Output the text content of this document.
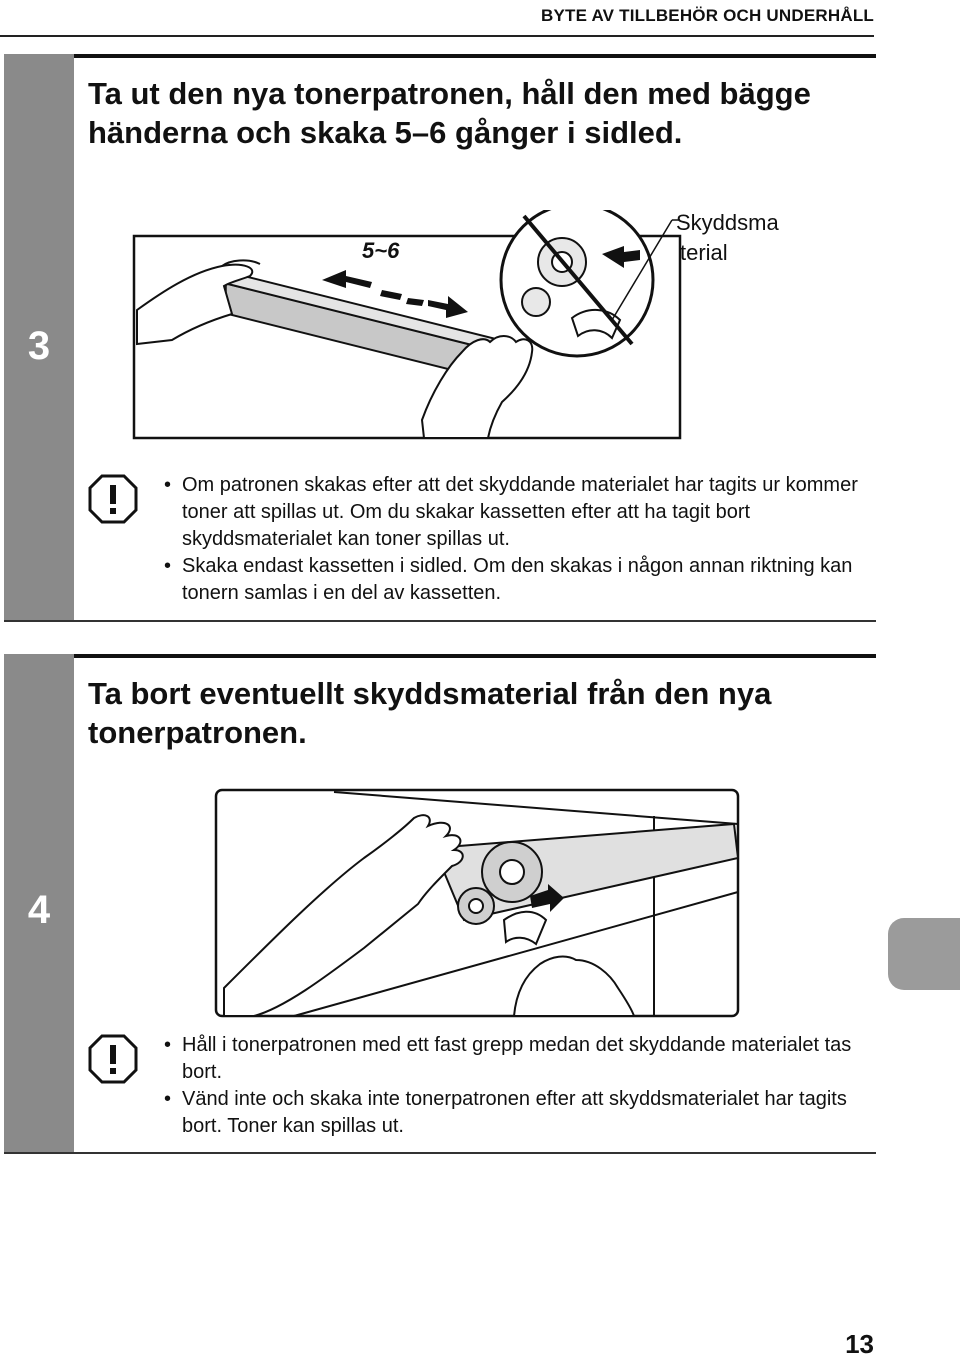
BYTE AV TILLBEHÖR OCH UNDERHÅLL
3
Ta ut den nya tonerpatronen, håll den med bägge händerna och skaka 5–6 gånger i sidled.
5~6
Skyddsma
terial
• Om patronen skakas efter att det skyddande materialet har tagits ur kommer toner att spillas ut. Om du skakar kassetten efter att ha tagit bort skyddsmaterialet kan toner spillas ut.
• Skaka endast kassetten i sidled. Om den skakas i någon annan riktning kan tonern samlas i en del av kassetten.
4
Ta bort eventuellt skyddsmaterial från den nya tonerpatronen.
• Håll i tonerpatronen med ett fast grepp medan det skyddande materialet tas bort.
• Vänd inte och skaka inte tonerpatronen efter att skyddsmaterialet har tagits bort. Toner kan spillas ut.
13
